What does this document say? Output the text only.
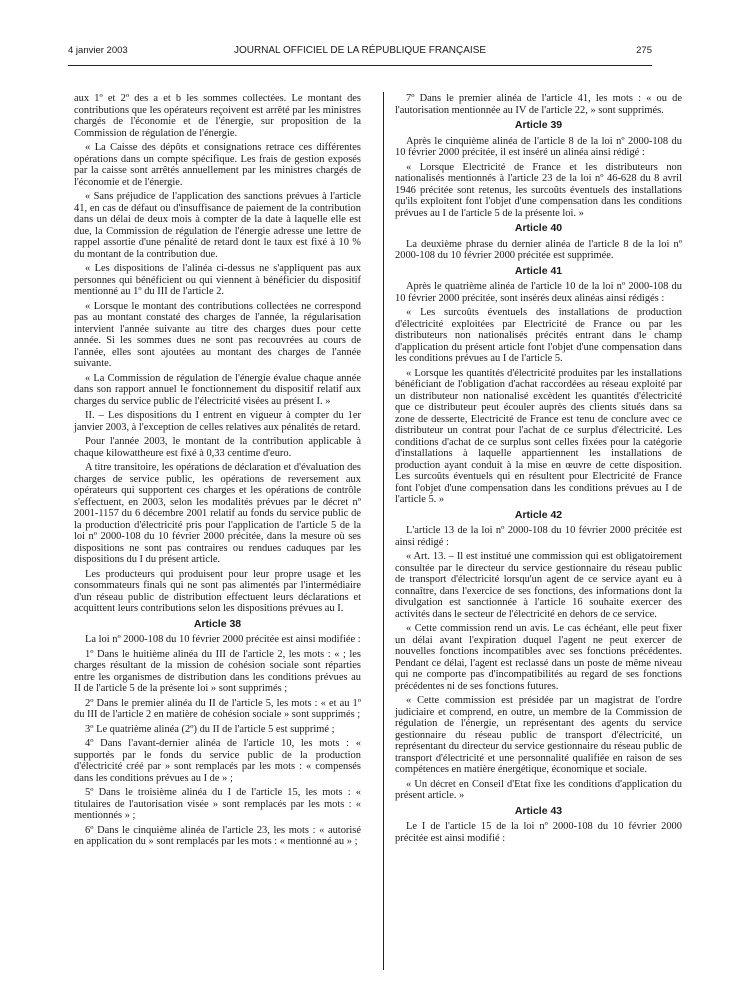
4 janvier 2003	JOURNAL OFFICIEL DE LA RÉPUBLIQUE FRANÇAISE	275

aux 1º et 2º des a et b les sommes collectées. Le montant des contributions que les opérateurs reçoivent est arrêté par les ministres chargés de l'économie et de l'énergie, sur proposition de la Commission de régulation de l'énergie.

« La Caisse des dépôts et consignations retrace ces différentes opérations dans un compte spécifique. Les frais de gestion exposés par la caisse sont arrêtés annuellement par les ministres chargés de l'économie et de l'énergie.

« Sans préjudice de l'application des sanctions prévues à l'article 41, en cas de défaut ou d'insuffisance de paiement de la contribution dans un délai de deux mois à compter de la date à laquelle elle est due, la Commission de régulation de l'énergie adresse une lettre de rappel assortie d'une pénalité de retard dont le taux est fixé à 10 % du montant de la contribution due.

« Les dispositions de l'alinéa ci-dessus ne s'appliquent pas aux personnes qui bénéficient ou qui viennent à bénéficier du dispositif mentionné au 1º du III de l'article 2.

« Lorsque le montant des contributions collectées ne correspond pas au montant constaté des charges de l'année, la régularisation intervient l'année suivante au titre des charges dues pour cette année. Si les sommes dues ne sont pas recouvrées au cours de l'année, elles sont ajoutées au montant des charges de l'année suivante.

« La Commission de régulation de l'énergie évalue chaque année dans son rapport annuel le fonctionnement du dispositif relatif aux charges du service public de l'électricité visées au présent I. »

II. – Les dispositions du I entrent en vigueur à compter du 1er janvier 2003, à l'exception de celles relatives aux pénalités de retard.

Pour l'année 2003, le montant de la contribution applicable à chaque kilowattheure est fixé à 0,33 centime d'euro.

A titre transitoire, les opérations de déclaration et d'évaluation des charges de service public, les opérations de reversement aux opérateurs qui supportent ces charges et les opérations de contrôle s'effectuent, en 2003, selon les modalités prévues par le décret nº 2001-1157 du 6 décembre 2001 relatif au fonds du service public de la production d'électricité pris pour l'application de l'article 5 de la loi nº 2000-108 du 10 février 2000 précitée, dans la mesure où ses dispositions ne sont pas contraires ou rendues caduques par les dispositions du I du présent article.

Les producteurs qui produisent pour leur propre usage et les consommateurs finals qui ne sont pas alimentés par l'intermédiaire d'un réseau public de distribution effectuent leurs déclarations et acquittent leurs contributions selon les dispositions prévues au I.

Article 38

La loi nº 2000-108 du 10 février 2000 précitée est ainsi modifiée :

1º Dans le huitième alinéa du III de l'article 2, les mots : « ; les charges résultant de la mission de cohésion sociale sont réparties entre les organismes de distribution dans les conditions prévues au II de l'article 5 de la présente loi » sont supprimés ;

2º Dans le premier alinéa du II de l'article 5, les mots : « et au 1º du III de l'article 2 en matière de cohésion sociale » sont supprimés ;

3º Le quatrième alinéa (2º) du II de l'article 5 est supprimé ;

4º Dans l'avant-dernier alinéa de l'article 10, les mots : « supportés par le fonds du service public de la production d'électricité créé par » sont remplacés par les mots : « compensés dans les conditions prévues au I de » ;

5º Dans le troisième alinéa du I de l'article 15, les mots : « titulaires de l'autorisation visée » sont remplacés par les mots : « mentionnés » ;

6º Dans le cinquième alinéa de l'article 23, les mots : « autorisé en application du » sont remplacés par les mots : « mentionné au » ;

7º Dans le premier alinéa de l'article 41, les mots : « ou de l'autorisation mentionnée au IV de l'article 22, » sont supprimés.

Article 39

Après le cinquième alinéa de l'article 8 de la loi nº 2000-108 du 10 février 2000 précitée, il est inséré un alinéa ainsi rédigé :

« Lorsque Electricité de France et les distributeurs non nationalisés mentionnés à l'article 23 de la loi nº 46-628 du 8 avril 1946 précitée sont retenus, les surcoûts éventuels des installations qu'ils exploitent font l'objet d'une compensation dans les conditions prévues au I de l'article 5 de la présente loi. »

Article 40

La deuxième phrase du dernier alinéa de l'article 8 de la loi nº 2000-108 du 10 février 2000 précitée est supprimée.

Article 41

Après le quatrième alinéa de l'article 10 de la loi nº 2000-108 du 10 février 2000 précitée, sont insérés deux alinéas ainsi rédigés :

« Les surcoûts éventuels des installations de production d'électricité exploitées par Electricité de France ou par les distributeurs non nationalisés précités entrant dans le champ d'application du présent article font l'objet d'une compensation dans les conditions prévues au I de l'article 5.

« Lorsque les quantités d'électricité produites par les installations bénéficiant de l'obligation d'achat raccordées au réseau exploité par un distributeur non nationalisé excèdent les quantités d'électricité que ce distributeur peut écouler auprès des clients situés dans sa zone de desserte, Electricité de France est tenu de conclure avec ce distributeur un contrat pour l'achat de ce surplus d'électricité. Les conditions d'achat de ce surplus sont celles fixées pour la catégorie d'installations à laquelle appartiennent les installations de production ayant conduit à la mise en œuvre de cette disposition. Les surcoûts éventuels qui en résultent pour Electricité de France font l'objet d'une compensation dans les conditions prévues au I de l'article 5. »

Article 42

L'article 13 de la loi nº 2000-108 du 10 février 2000 précitée est ainsi rédigé :

« Art. 13. – Il est institué une commission qui est obligatoirement consultée par le directeur du service gestionnaire du réseau public de transport d'électricité lorsqu'un agent de ce service ayant eu à connaître, dans l'exercice de ses fonctions, des informations dont la divulgation est sanctionnée à l'article 16 souhaite exercer des activités dans le secteur de l'électricité en dehors de ce service.

« Cette commission rend un avis. Le cas échéant, elle peut fixer un délai avant l'expiration duquel l'agent ne peut exercer de nouvelles fonctions incompatibles avec ses fonctions précédentes. Pendant ce délai, l'agent est reclassé dans un poste de même niveau qui ne comporte pas d'incompatibilités au regard de ses fonctions précédentes ni de ses fonctions futures.

« Cette commission est présidée par un magistrat de l'ordre judiciaire et comprend, en outre, un membre de la Commission de régulation de l'énergie, un représentant des agents du service gestionnaire du réseau public de transport d'électricité, un représentant du directeur du service gestionnaire du réseau public de transport d'électricité et une personnalité qualifiée en raison de ses compétences en matière énergétique, économique et sociale.

« Un décret en Conseil d'Etat fixe les conditions d'application du présent article. »

Article 43

Le I de l'article 15 de la loi nº 2000-108 du 10 février 2000 précitée est ainsi modifié :
